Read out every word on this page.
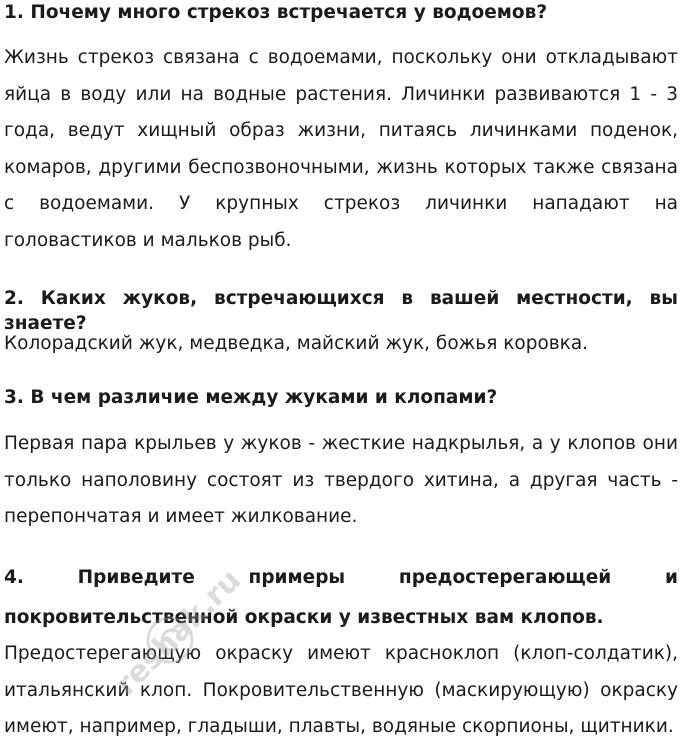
1. Почему много стрекоз встречается у водоемов?

Жизнь стрекоз связана с водоемами, поскольку они откладывают яйца в воду или на водные растения. Личинки развиваются 1 - 3 года, ведут хищный образ жизни, питаясь личинками поденок, комаров, другими беспозвоночными, жизнь которых также связана с водоемами. У крупных стрекоз личинки нападают на головастиков и мальков рыб.

2. Каких жуков, встречающихся в вашей местности, вы знаете?

Колорадский жук, медведка, майский жук, божья коровка.

3. В чем различие между жуками и клопами?

Первая пара крыльев у жуков - жесткие надкрылья, а у клопов они только наполовину состоят из твердого хитина, а другая часть - перепончатая и имеет жилкование.

4. Приведите примеры предостерегающей и покровительственной окраски у известных вам клопов.

Предостерегающую окраску имеют красноклоп (клоп-солдатик), итальянский клоп. Покровительственную (маскирующую) окраску имеют, например, гладыши, плавты, водяные скорпионы, щитники.

reshak.ru
